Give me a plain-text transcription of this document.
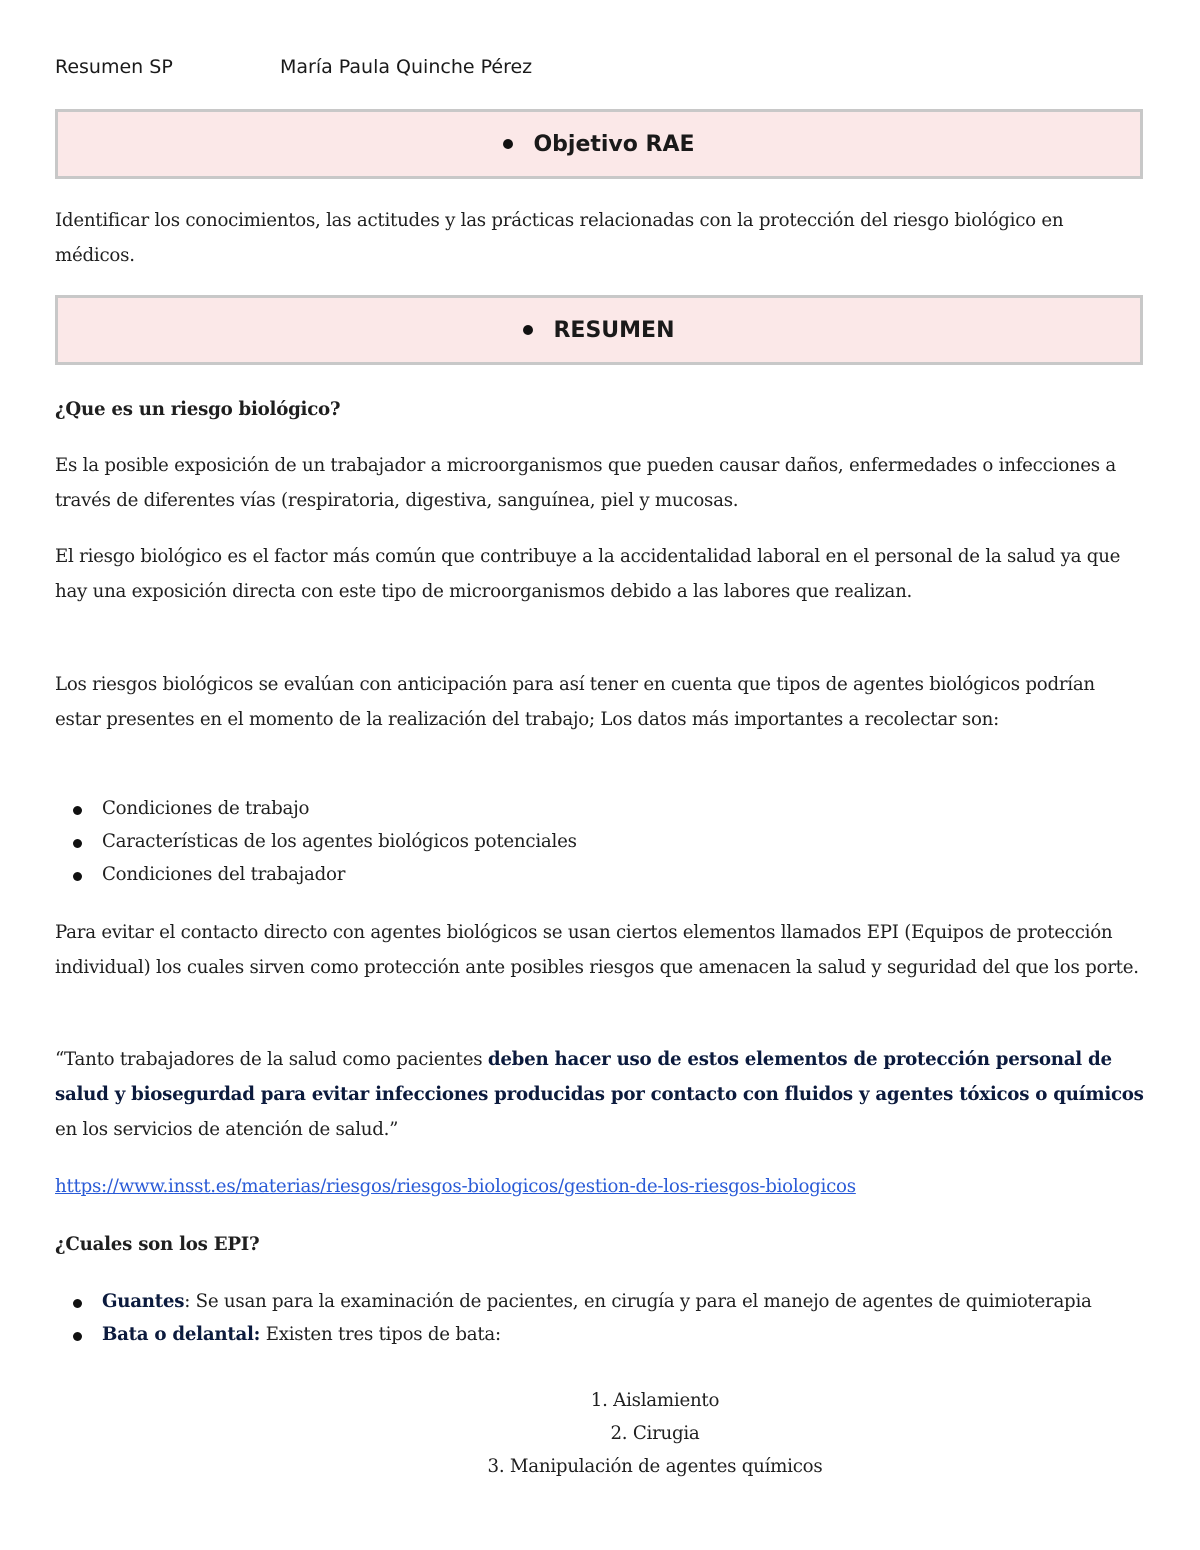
Resumen SP	María Paula Quinche Pérez
Objetivo RAE

Identificar los conocimientos, las actitudes y las prácticas relacionadas con la protección del riesgo biológico en médicos.

RESUMEN

¿Que es un riesgo biológico?

Es la posible exposición de un trabajador a microorganismos que pueden causar daños, enfermedades o infecciones a través de diferentes vías (respiratoria, digestiva, sanguínea, piel y mucosas.

El riesgo biológico es el factor más común que contribuye a la accidentalidad laboral en el personal de la salud ya que hay una exposición directa con este tipo de microorganismos debido a las labores que realizan.

Los riesgos biológicos se evalúan con anticipación para así tener en cuenta que tipos de agentes biológicos podrían estar presentes en el momento de la realización del trabajo; Los datos más importantes a recolectar son:

Condiciones de trabajo
Características de los agentes biológicos potenciales
Condiciones del trabajador

Para evitar el contacto directo con agentes biológicos se usan ciertos elementos llamados EPI (Equipos de protección individual) los cuales sirven como protección ante posibles riesgos que amenacen la salud y seguridad del que los porte.

“Tanto trabajadores de la salud como pacientes deben hacer uso de estos elementos de protección personal de salud y biosegurdad para evitar infecciones producidas por contacto con fluidos y agentes tóxicos o químicos en los servicios de atención de salud.”

https://www.insst.es/materias/riesgos/riesgos-biologicos/gestion-de-los-riesgos-biologicos

¿Cuales son los EPI?

Guantes: Se usan para la examinación de pacientes, en cirugía y para el manejo de agentes de quimioterapia
Bata o delantal: Existen tres tipos de bata:
1. Aislamiento
2. Cirugia
3. Manipulación de agentes químicos
